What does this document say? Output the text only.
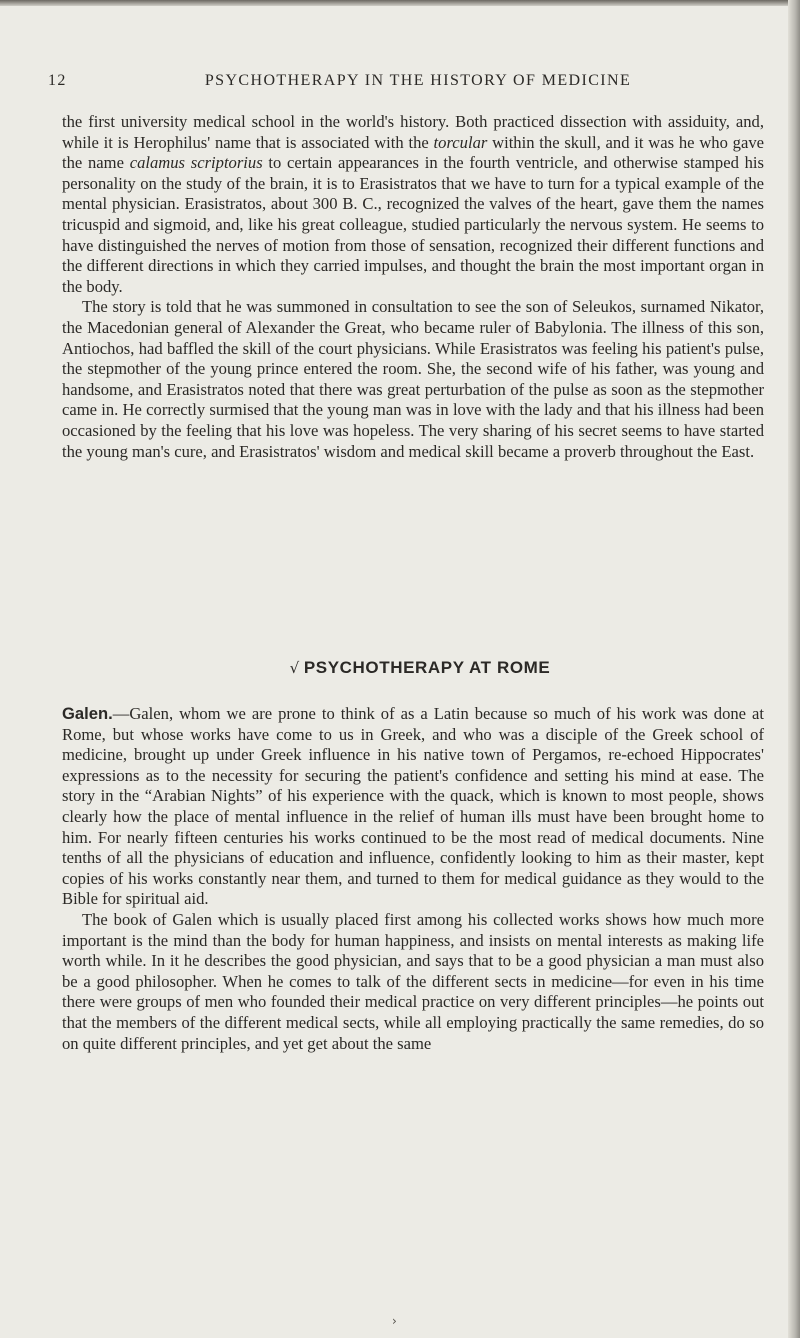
12	PSYCHOTHERAPY IN THE HISTORY OF MEDICINE

the first university medical school in the world's history. Both practiced dissection with assiduity, and, while it is Herophilus' name that is associated with the torcular within the skull, and it was he who gave the name calamus scriptorius to certain appearances in the fourth ventricle, and otherwise stamped his personality on the study of the brain, it is to Erasistratos that we have to turn for a typical example of the mental physician. Erasistratos, about 300 B. C., recognized the valves of the heart, gave them the names tricuspid and sigmoid, and, like his great colleague, studied particularly the nervous system. He seems to have distinguished the nerves of motion from those of sensation, recognized their different functions and the different directions in which they carried impulses, and thought the brain the most important organ in the body.

The story is told that he was summoned in consultation to see the son of Seleukos, surnamed Nikator, the Macedonian general of Alexander the Great, who became ruler of Babylonia. The illness of this son, Antiochos, had baffled the skill of the court physicians. While Erasistratos was feeling his patient's pulse, the stepmother of the young prince entered the room. She, the second wife of his father, was young and handsome, and Erasistratos noted that there was great perturbation of the pulse as soon as the stepmother came in. He correctly surmised that the young man was in love with the lady and that his illness had been occasioned by the feeling that his love was hopeless. The very sharing of his secret seems to have started the young man's cure, and Erasistratos' wisdom and medical skill became a proverb throughout the East.

√ PSYCHOTHERAPY AT ROME

Galen.—Galen, whom we are prone to think of as a Latin because so much of his work was done at Rome, but whose works have come to us in Greek, and who was a disciple of the Greek school of medicine, brought up under Greek influence in his native town of Pergamos, re-echoed Hippocrates' expressions as to the necessity for securing the patient's confidence and setting his mind at ease. The story in the “Arabian Nights” of his experience with the quack, which is known to most people, shows clearly how the place of mental influence in the relief of human ills must have been brought home to him. For nearly fifteen centuries his works continued to be the most read of medical documents. Nine tenths of all the physicians of education and influence, confidently looking to him as their master, kept copies of his works constantly near them, and turned to them for medical guidance as they would to the Bible for spiritual aid.

The book of Galen which is usually placed first among his collected works shows how much more important is the mind than the body for human happiness, and insists on mental interests as making life worth while. In it he describes the good physician, and says that to be a good physician a man must also be a good philosopher. When he comes to talk of the different sects in medicine—for even in his time there were groups of men who founded their medical practice on very different principles—he points out that the members of the different medical sects, while all employing practically the same remedies, do so on quite different principles, and yet get about the same

›
